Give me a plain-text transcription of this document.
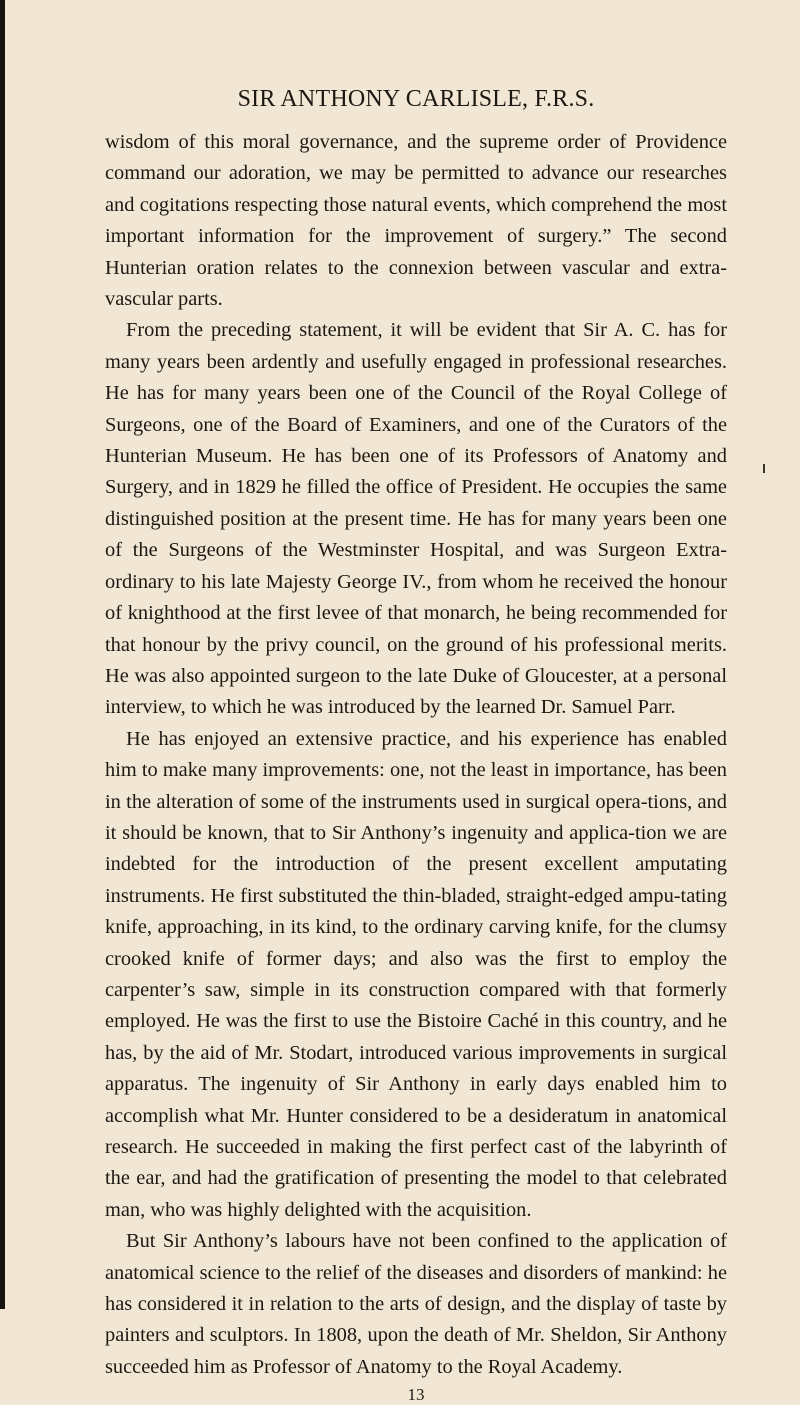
SIR ANTHONY CARLISLE, F.R.S.

wisdom of this moral governance, and the supreme order of Providence command our adoration, we may be permitted to advance our researches and cogitations respecting those natural events, which comprehend the most important information for the improvement of surgery.” The second Hunterian oration relates to the connexion between vascular and extra-vascular parts.

From the preceding statement, it will be evident that Sir A. C. has for many years been ardently and usefully engaged in professional researches. He has for many years been one of the Council of the Royal College of Surgeons, one of the Board of Examiners, and one of the Curators of the Hunterian Museum. He has been one of its Professors of Anatomy and Surgery, and in 1829 he filled the office of President. He occupies the same distinguished position at the present time. He has for many years been one of the Surgeons of the Westminster Hospital, and was Surgeon Extra-ordinary to his late Majesty George IV., from whom he received the honour of knighthood at the first levee of that monarch, he being recommended for that honour by the privy council, on the ground of his professional merits. He was also appointed surgeon to the late Duke of Gloucester, at a personal interview, to which he was introduced by the learned Dr. Samuel Parr.

He has enjoyed an extensive practice, and his experience has enabled him to make many improvements: one, not the least in importance, has been in the alteration of some of the instruments used in surgical opera-tions, and it should be known, that to Sir Anthony’s ingenuity and applica-tion we are indebted for the introduction of the present excellent amputating instruments. He first substituted the thin-bladed, straight-edged ampu-tating knife, approaching, in its kind, to the ordinary carving knife, for the clumsy crooked knife of former days; and also was the first to employ the carpenter’s saw, simple in its construction compared with that formerly employed. He was the first to use the Bistoire Caché in this country, and he has, by the aid of Mr. Stodart, introduced various improvements in surgical apparatus. The ingenuity of Sir Anthony in early days enabled him to accomplish what Mr. Hunter considered to be a desideratum in anatomical research. He succeeded in making the first perfect cast of the labyrinth of the ear, and had the gratification of presenting the model to that celebrated man, who was highly delighted with the acquisition.

But Sir Anthony’s labours have not been confined to the application of anatomical science to the relief of the diseases and disorders of mankind: he has considered it in relation to the arts of design, and the display of taste by painters and sculptors. In 1808, upon the death of Mr. Sheldon, Sir Anthony succeeded him as Professor of Anatomy to the Royal Academy.

13
